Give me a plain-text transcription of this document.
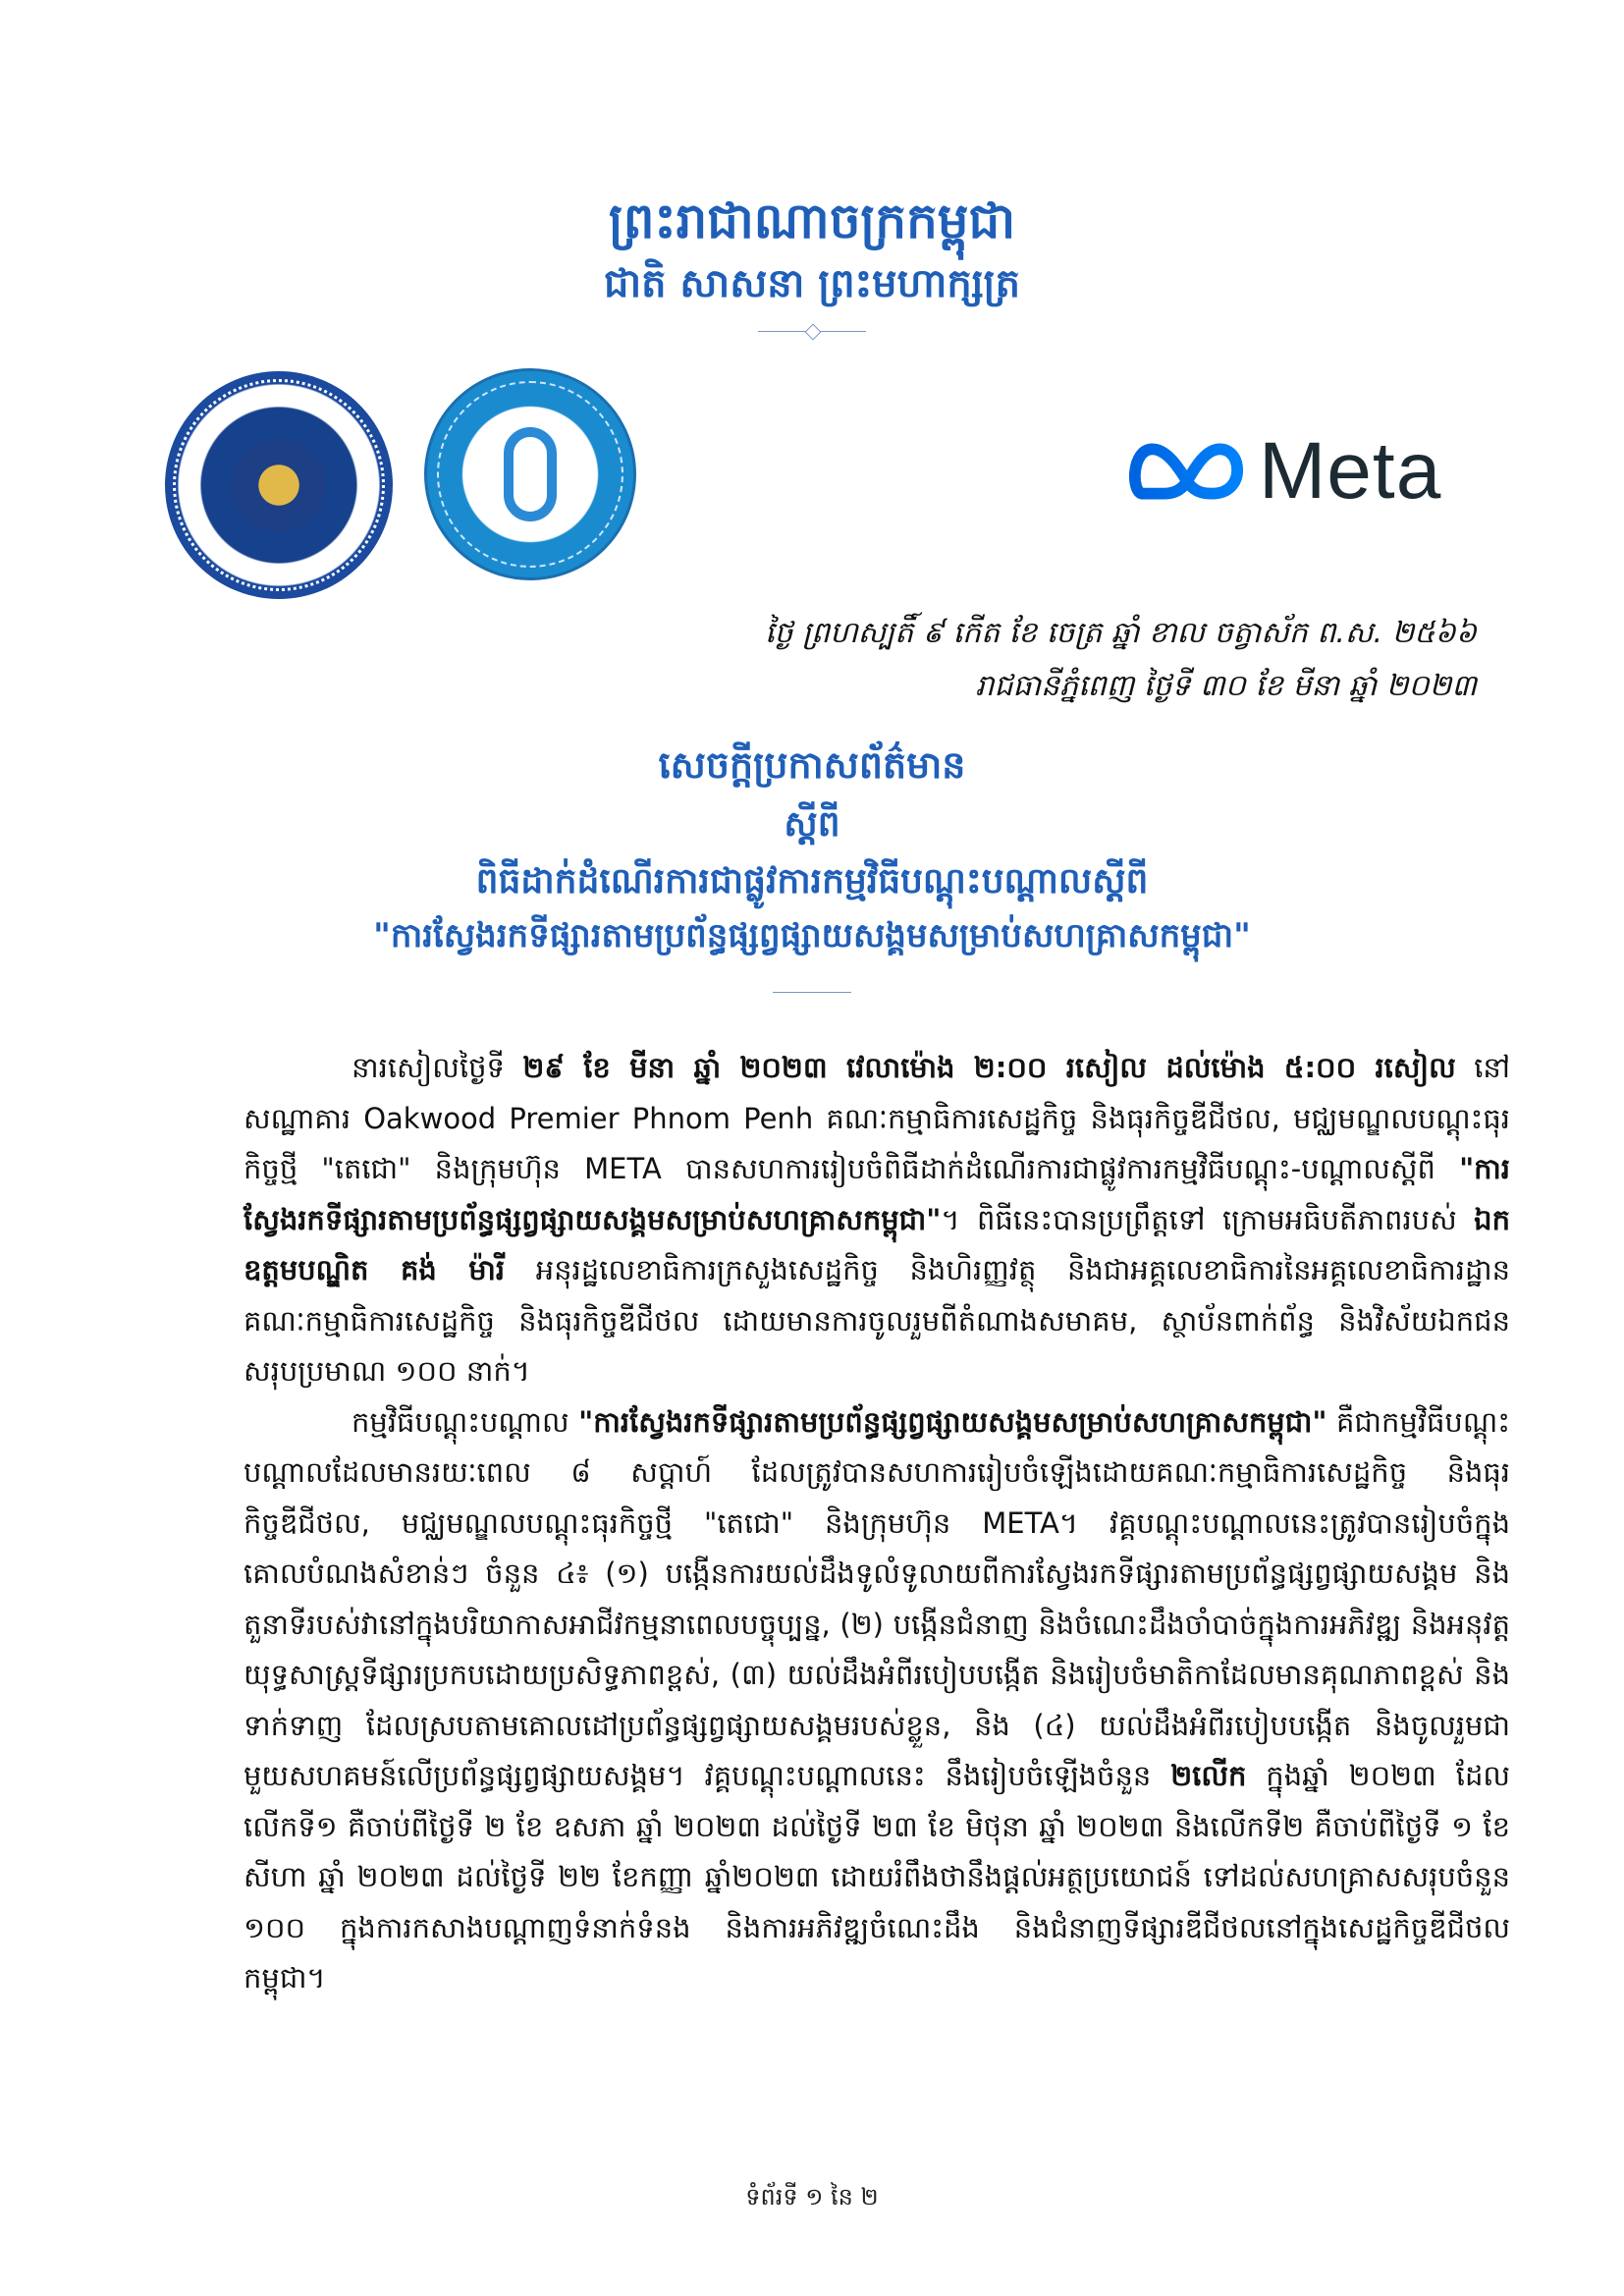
ព្រះរាជាណាចក្រកម្ពុជា

ជាតិ សាសនា ព្រះមហាក្សត្រ

Meta
ថ្ងៃ ព្រហស្បតិ៍ ៩ កើត ខែ ចេត្រ ឆ្នាំ ខាល ចត្វាស័ក ព.ស. ២៥៦៦
រាជធានីភ្នំពេញ ថ្ងៃទី ៣០ ខែ មីនា ឆ្នាំ ២០២៣

សេចក្តីប្រកាសព័ត៌មាន

ស្តីពី

ពិធីដាក់ដំណើរការជាផ្លូវការកម្មវិធីបណ្តុះបណ្តាលស្តីពី

"ការស្វែងរកទីផ្សារតាមប្រព័ន្ធផ្សព្វផ្សាយសង្គមសម្រាប់សហគ្រាសកម្ពុជា"

នារសៀលថ្ងៃទី ២៩ ខែ មីនា ឆ្នាំ ២០២៣ វេលាម៉ោង ២:០០ រសៀល ដល់ម៉ោង ៥:០០ រសៀល នៅ សណ្ឋាគារ Oakwood Premier Phnom Penh គណៈកម្មាធិការសេដ្ឋកិច្ច និងធុរកិច្ចឌីជីថល, មជ្ឈមណ្ឌលបណ្តុះធុរកិច្ចថ្មី "តេជោ" និងក្រុមហ៊ុន META បានសហការរៀបចំពិធីដាក់ដំណើរការជាផ្លូវការកម្មវិធីបណ្តុះ-បណ្តាលស្តីពី "ការស្វែងរកទីផ្សារតាមប្រព័ន្ធផ្សព្វផ្សាយសង្គមសម្រាប់សហគ្រាសកម្ពុជា"។ ពិធីនេះបានប្រព្រឹត្តទៅ ក្រោមអធិបតីភាពរបស់ ឯកឧត្តមបណ្ឌិត គង់ ម៉ារី អនុរដ្ឋលេខាធិការក្រសួងសេដ្ឋកិច្ច និងហិរញ្ញវត្ថុ និងជាអគ្គលេខាធិការនៃអគ្គលេខាធិការដ្ឋានគណៈកម្មាធិការសេដ្ឋកិច្ច និងធុរកិច្ចឌីជីថល ដោយមានការចូលរួមពីតំណាងសមាគម, ស្ថាប័នពាក់ព័ន្ធ និងវិស័យឯកជន សរុបប្រមាណ ១០០ នាក់។

កម្មវិធីបណ្តុះបណ្តាល "ការស្វែងរកទីផ្សារតាមប្រព័ន្ធផ្សព្វផ្សាយសង្គមសម្រាប់សហគ្រាសកម្ពុជា" គឺជាកម្មវិធីបណ្តុះបណ្តាលដែលមានរយៈពេល ៨ សប្តាហ៍ ដែលត្រូវបានសហការរៀបចំឡើងដោយគណៈកម្មាធិការសេដ្ឋកិច្ច និងធុរកិច្ចឌីជីថល, មជ្ឈមណ្ឌលបណ្តុះធុរកិច្ចថ្មី "តេជោ" និងក្រុមហ៊ុន META។ វគ្គបណ្តុះបណ្តាលនេះត្រូវបានរៀបចំក្នុងគោលបំណងសំខាន់ៗ ចំនួន ៤៖ (១) បង្កើនការយល់ដឹងទូលំទូលាយពីការស្វែងរកទីផ្សារតាមប្រព័ន្ធផ្សព្វផ្សាយសង្គម និងតួនាទីរបស់វានៅក្នុងបរិយាកាសអាជីវកម្មនាពេលបច្ចុប្បន្ន, (២) បង្កើនជំនាញ និងចំណេះដឹងចាំបាច់ក្នុងការអភិវឌ្ឍ និងអនុវត្តយុទ្ធសាស្ត្រទីផ្សារប្រកបដោយប្រសិទ្ធភាពខ្ពស់, (៣) យល់ដឹងអំពីរបៀបបង្កើត និងរៀបចំមាតិកាដែលមានគុណភាពខ្ពស់ និងទាក់ទាញ ដែលស្របតាមគោលដៅប្រព័ន្ធផ្សព្វផ្សាយសង្គមរបស់ខ្លួន, និង (៤) យល់ដឹងអំពីរបៀបបង្កើត និងចូលរួមជាមួយសហគមន៍លើប្រព័ន្ធផ្សព្វផ្សាយសង្គម។ វគ្គបណ្តុះបណ្តាលនេះ នឹងរៀបចំឡើងចំនួន ២លើក ក្នុងឆ្នាំ ២០២៣ ដែលលើកទី១ គឺចាប់ពីថ្ងៃទី ២ ខែ ឧសភា ឆ្នាំ ២០២៣ ដល់ថ្ងៃទី ២៣ ខែ មិថុនា ឆ្នាំ ២០២៣ និងលើកទី២ គឺចាប់ពីថ្ងៃទី ១ ខែ សីហា ឆ្នាំ ២០២៣ ដល់ថ្ងៃទី ២២ ខែកញ្ញា ឆ្នាំ២០២៣ ដោយរំពឹងថានឹងផ្តល់អត្ថប្រយោជន៍ ទៅដល់សហគ្រាសសរុបចំនួន ១០០ ក្នុងការកសាងបណ្តាញទំនាក់ទំនង និងការអភិវឌ្ឍចំណេះដឹង និងជំនាញទីផ្សារឌីជីថលនៅក្នុងសេដ្ឋកិច្ចឌីជីថលកម្ពុជា។

ទំព័រទី ១ នៃ ២
